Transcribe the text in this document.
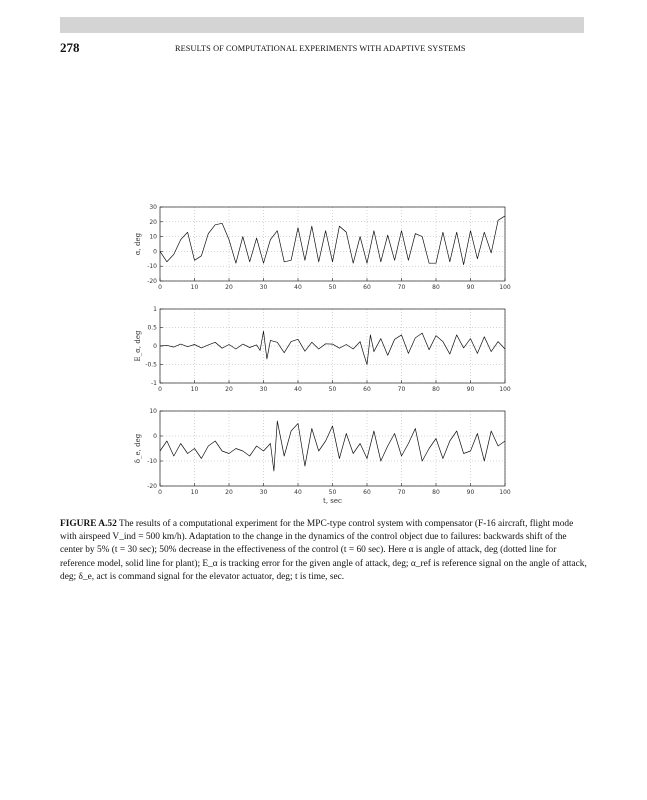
278	RESULTS OF COMPUTATIONAL EXPERIMENTS WITH ADAPTIVE SYSTEMS
0	10	20	30	40	50	60	70	80	90	100
30
20
10
0
-10
-20
α, deg
0	10	20	30	40	50	60	70	80	90	100
1
0.5
0
-0.5
-1
E_α, deg
0	10	20	30	40	50	60	70	80	90	100
10
0
-10
-20
δ_e, deg
t, sec
FIGURE A.52 The results of a computational experiment for the MPC-type control system with compensator (F-16 aircraft, flight mode with airspeed V_ind = 500 km/h). Adaptation to the change in the dynamics of the control object due to failures: backwards shift of the center by 5% (t = 30 sec); 50% decrease in the effectiveness of the control (t = 60 sec). Here α is angle of attack, deg (dotted line for reference model, solid line for plant); E_α is tracking error for the given angle of attack, deg; α_ref is reference signal on the angle of attack, deg; δ_e, act is command signal for the elevator actuator, deg; t is time, sec.
